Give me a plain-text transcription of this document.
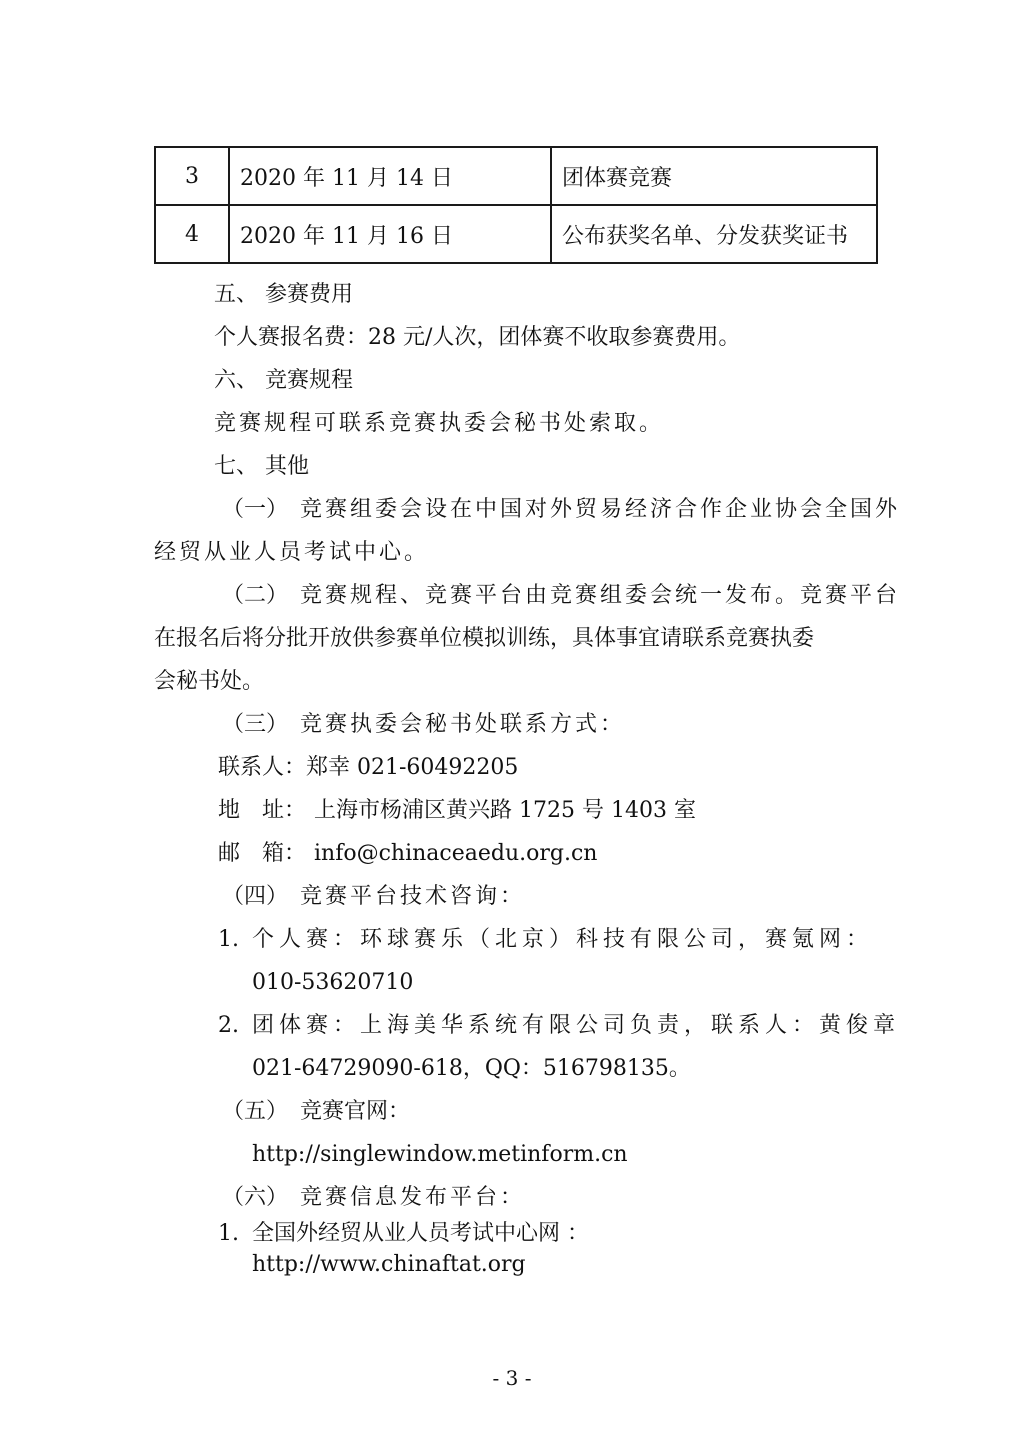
3	2020 年 11 月 14 日	团体赛竞赛
4	2020 年 11 月 16 日	公布获奖名单、分发获奖证书
五、 参赛费用
个人赛报名费：28 元/人次，团体赛不收取参赛费用。
六、 竞赛规程
竞赛规程可联系竞赛执委会秘书处索取。
七、 其他
（一） 竞赛组委会设在中国对外贸易经济合作企业协会全国外
经贸从业人员考试中心。
（二） 竞赛规程、竞赛平台由竞赛组委会统一发布。竞赛平台
在报名后将分批开放供参赛单位模拟训练，具体事宜请联系竞赛执委
会秘书处。
（三） 竞赛执委会秘书处联系方式：
联系人：郑幸 021-60492205
地　址： 上海市杨浦区黄兴路 1725 号 1403 室
邮　箱： info@chinaceaedu.org.cn
（四） 竞赛平台技术咨询：
1. 个人赛：环球赛乐（北京）科技有限公司，赛氪网：
010-53620710
2. 团体赛：上海美华系统有限公司负责，联系人：黄俊章
021-64729090-618，QQ：516798135。
（五） 竞赛官网：
http://singlewindow.metinform.cn
（六） 竞赛信息发布平台：
1. 全国外经贸从业人员考试中心网 ：
http://www.chinaftat.org
- 3 -
